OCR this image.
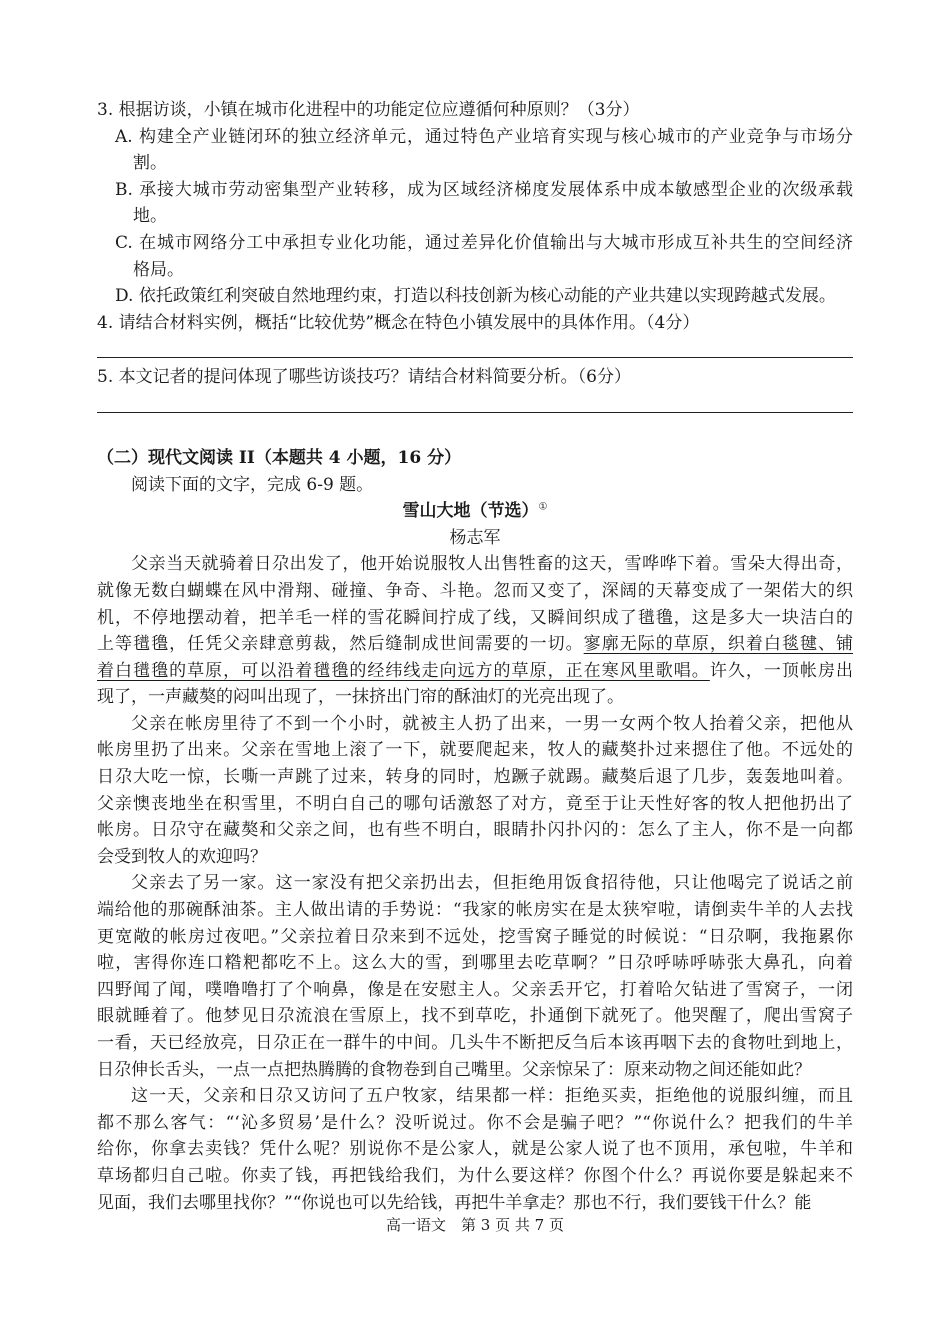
3. 根据访谈，小镇在城市化进程中的功能定位应遵循何种原则？（3分）
A. 构建全产业链闭环的独立经济单元，通过特色产业培育实现与核心城市的产业竞争与市场分
割。
B. 承接大城市劳动密集型产业转移，成为区域经济梯度发展体系中成本敏感型企业的次级承载
地。
C. 在城市网络分工中承担专业化功能，通过差异化价值输出与大城市形成互补共生的空间经济
格局。
D. 依托政策红利突破自然地理约束，打造以科技创新为核心动能的产业共建以实现跨越式发展。
4. 请结合材料实例，概括“比较优势”概念在特色小镇发展中的具体作用。（4分）
5. 本文记者的提问体现了哪些访谈技巧？请结合材料简要分析。（6分）
（二）现代文阅读 II（本题共 4 小题，16 分）
阅读下面的文字，完成 6-9 题。
雪山大地（节选）①
杨志军
父亲当天就骑着日尕出发了，他开始说服牧人出售牲畜的这天，雪哗哗下着。雪朵大得出奇，
就像无数白蝴蝶在风中滑翔、碰撞、争奇、斗艳。忽而又变了，深阔的天幕变成了一架偌大的织
机，不停地摆动着，把羊毛一样的雪花瞬间拧成了线，又瞬间织成了氆氇，这是多大一块洁白的
上等氆氇，任凭父亲肆意剪裁，然后缝制成世间需要的一切。寥廓无际的草原，织着白毯毽、铺
着白氆氇的草原，可以沿着氆氇的经纬线走向远方的草原，正在寒风里歌唱。许久，一顶帐房出
现了，一声藏獒的闷叫出现了，一抹挤出门帘的酥油灯的光亮出现了。
父亲在帐房里待了不到一个小时，就被主人扔了出来，一男一女两个牧人抬着父亲，把他从
帐房里扔了出来。父亲在雪地上滚了一下，就要爬起来，牧人的藏獒扑过来摁住了他。不远处的
日尕大吃一惊，长嘶一声跳了过来，转身的同时，尥蹶子就踢。藏獒后退了几步，轰轰地叫着。
父亲懊丧地坐在积雪里，不明白自己的哪句话激怒了对方，竟至于让天性好客的牧人把他扔出了
帐房。日尕守在藏獒和父亲之间，也有些不明白，眼睛扑闪扑闪的：怎么了主人，你不是一向都
会受到牧人的欢迎吗？
父亲去了另一家。这一家没有把父亲扔出去，但拒绝用饭食招待他，只让他喝完了说话之前
端给他的那碗酥油茶。主人做出请的手势说：“我家的帐房实在是太狭窄啦，请倒卖牛羊的人去找
更宽敞的帐房过夜吧。”父亲拉着日尕来到不远处，挖雪窝子睡觉的时候说：“日尕啊，我拖累你
啦，害得你连口糌粑都吃不上。这么大的雪，到哪里去吃草啊？”日尕呼哧呼哧张大鼻孔，向着
四野闻了闻，噗噜噜打了个响鼻，像是在安慰主人。父亲丢开它，打着哈欠钻进了雪窝子，一闭
眼就睡着了。他梦见日尕流浪在雪原上，找不到草吃，扑通倒下就死了。他哭醒了，爬出雪窝子
一看，天已经放亮，日尕正在一群牛的中间。几头牛不断把反刍后本该再咽下去的食物吐到地上，
日尕伸长舌头，一点一点把热腾腾的食物卷到自己嘴里。父亲惊呆了：原来动物之间还能如此？
这一天，父亲和日尕又访问了五户牧家，结果都一样：拒绝买卖，拒绝他的说服纠缠，而且
都不那么客气：“‘沁多贸易’是什么？没听说过。你不会是骗子吧？”“你说什么？把我们的牛羊
给你，你拿去卖钱？凭什么呢？别说你不是公家人，就是公家人说了也不顶用，承包啦，牛羊和
草场都归自己啦。你卖了钱，再把钱给我们，为什么要这样？你图个什么？再说你要是躲起来不
见面，我们去哪里找你？”“你说也可以先给钱，再把牛羊拿走？那也不行，我们要钱干什么？能
高一语文　第 3 页 共 7 页
